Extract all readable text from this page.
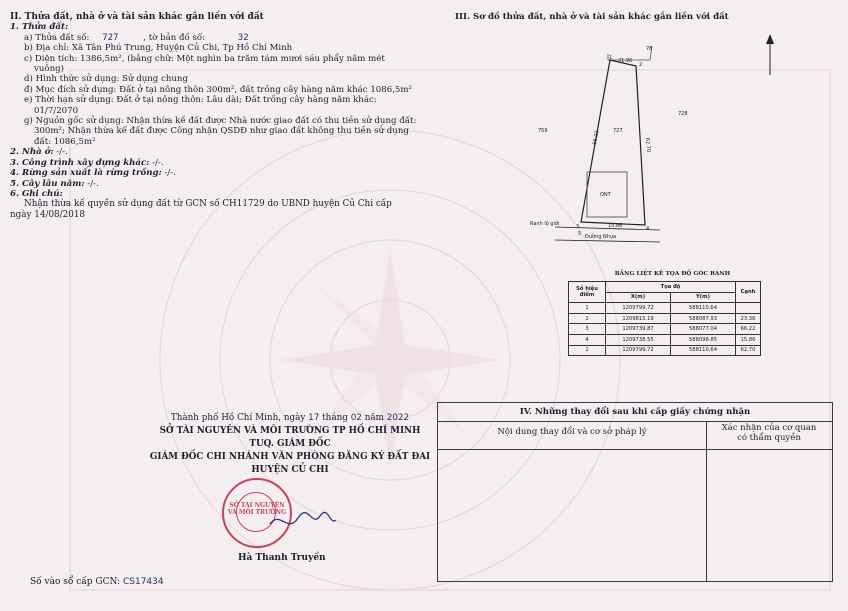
II. Thửa đất, nhà ở và tài sản khác gắn liền với đất
1. Thửa đất:
a) Thửa đất số: 727	, tờ bản đồ số:	32
b) Địa chỉ: Xã Tân Phú Trung, Huyện Củ Chi, Tp Hồ Chí Minh
c) Diện tích: 1386,5m², (bằng chữ: Một nghìn ba trăm tám mươi sáu phẩy năm mét
vuông)
d) Hình thức sử dụng: Sử dụng chung
đ) Mục đích sử dụng: Đất ở tại nông thôn 300m², đất trồng cây hàng năm khác 1086,5m²
e) Thời hạn sử dụng: Đất ở tại nông thôn: Lâu dài; Đất trồng cây hàng năm khác:
01/7/2070
g) Nguồn gốc sử dụng: Nhận thừa kế đất được Nhà nước giao đất có thu tiền sử dụng đất:
300m²; Nhận thừa kế đất được Công nhận QSDĐ như giao đất không thu tiền sử dụng
đất: 1086,5m²
2. Nhà ở: -/-.
3. Công trình xây dựng khác: -/-.
4. Rừng sản xuất là rừng trồng: -/-.
5. Cây lâu năm: -/-.
6. Ghi chú:
Nhận thừa kế quyền sử dụng đất từ GCN số CH11729 do UBND huyện Củ Chi cấp
ngày 14/08/2018
III. Sơ đồ thửa đất, nhà ở và tài sản khác gắn liền với đất
78
759	727
728
ONT
1
2
3	4
5
21.96
66.22	62.70
15.86
Ranh lộ giới
Đường Nhựa
BẢNG LIỆT KÊ TỌA ĐỘ GÓC RANH
Số hiệu điểm	Tọa độ		Cạnh
	X(m)	Y(m)	
1	1209799.72	588110.64	
2	1209815.19	588087.93	23.36
3	1209739.87	588077.04	66.22
4	1209738.55	588096.85	15.86
1	1209799.72	588110.64	62.70
Thành phố Hồ Chí Minh, ngày 17 tháng 02 năm 2022
SỞ TÀI NGUYÊN VÀ MÔI TRƯỜNG TP HỒ CHÍ MINH
TUQ. GIÁM ĐỐC
GIÁM ĐỐC CHI NHÁNH VĂN PHÒNG ĐĂNG KÝ ĐẤT ĐAI
HUYỆN CỦ CHI
SỞ TÀI NGUYÊN VÀ MÔI TRƯỜNG
Hà Thanh Truyền
Số vào sổ cấp GCN: CS17434
IV. Những thay đổi sau khi cấp giấy chứng nhận
Nội dung thay đổi và cơ sở pháp lý	Xác nhận của cơ quan
có thẩm quyền
